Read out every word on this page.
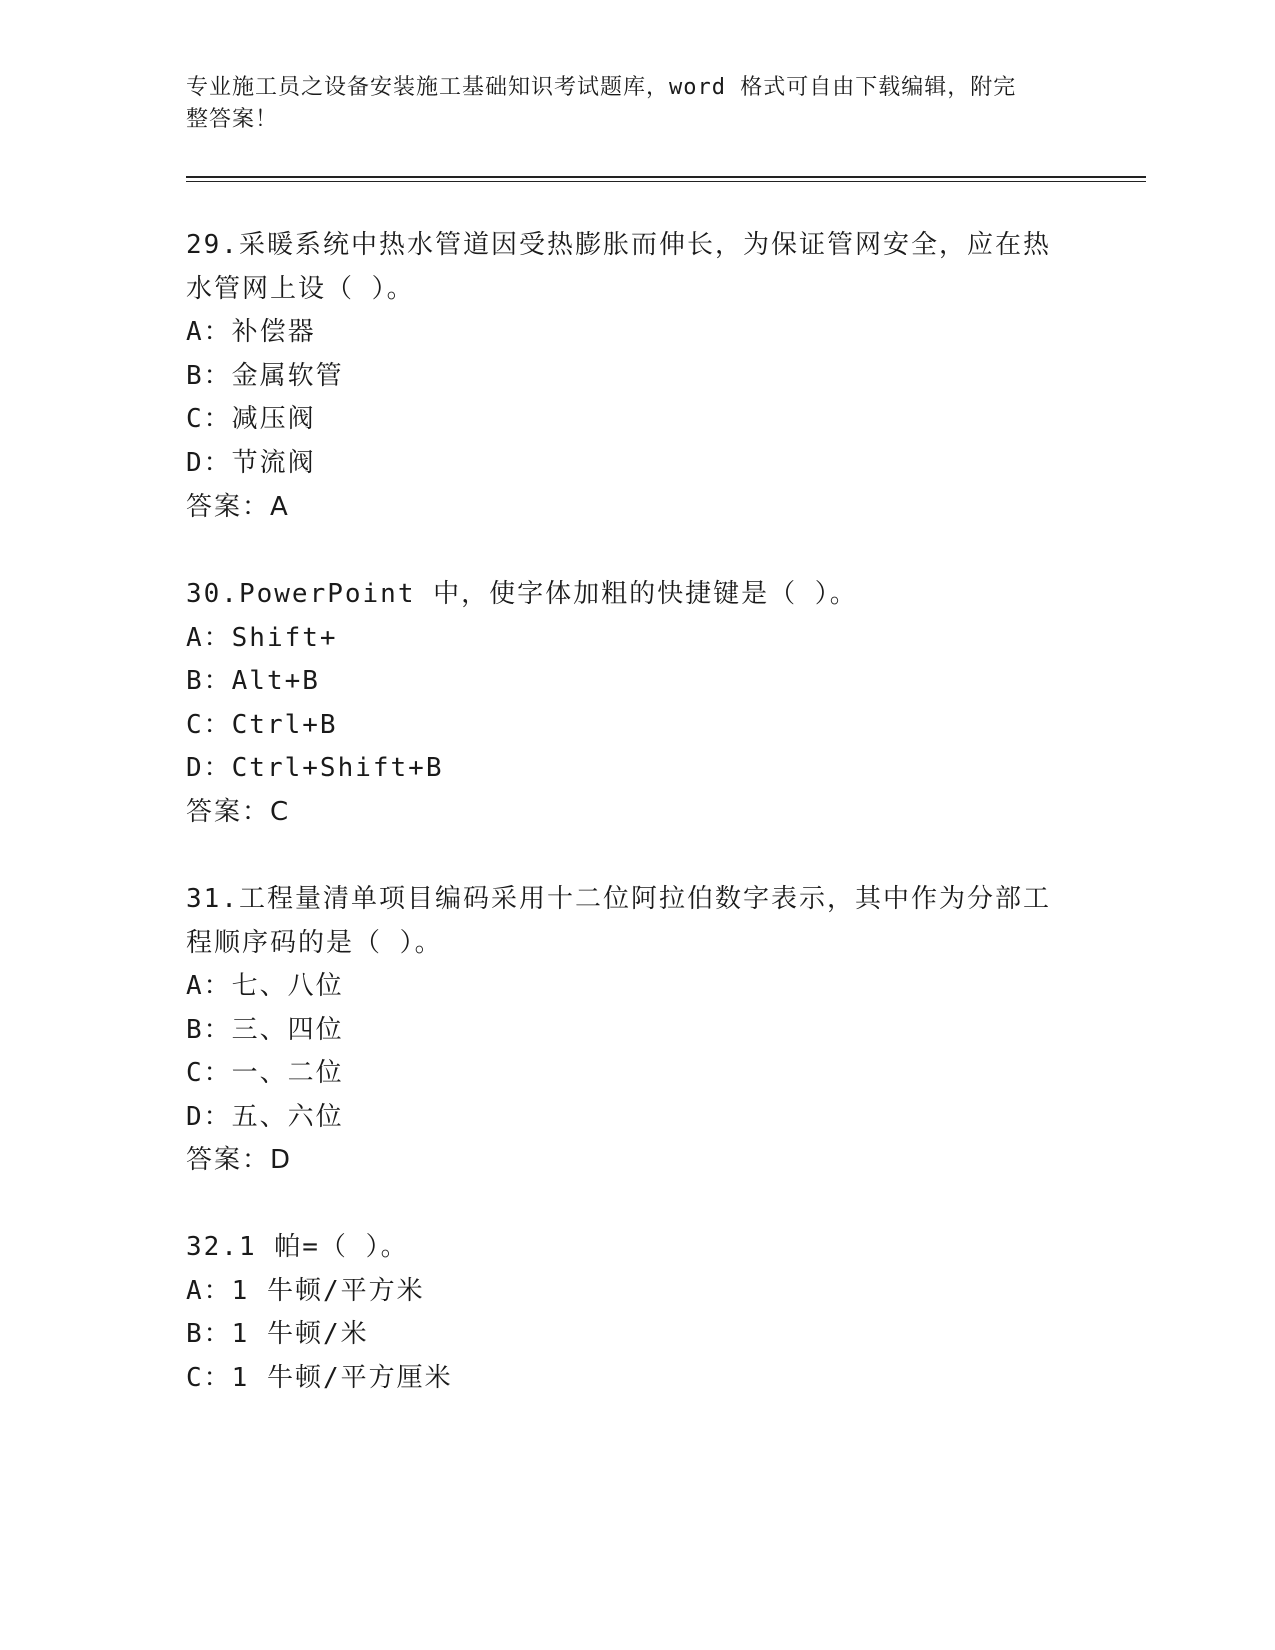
专业施工员之设备安装施工基础知识考试题库，word 格式可自由下载编辑，附完
整答案！
29.采暖系统中热水管道因受热膨胀而伸长，为保证管网安全，应在热
水管网上设（ ）。
A：补偿器
B：金属软管
C：减压阀
D：节流阀
答案：A
30.PowerPoint 中，使字体加粗的快捷键是（ ）。
A：Shift+
B：Alt+B
C：Ctrl+B
D：Ctrl+Shift+B
答案：C
31.工程量清单项目编码采用十二位阿拉伯数字表示，其中作为分部工
程顺序码的是（ ）。
A：七、八位
B：三、四位
C：一、二位
D：五、六位
答案：D
32.1 帕=（ ）。
A：1 牛顿/平方米
B：1 牛顿/米
C：1 牛顿/平方厘米
